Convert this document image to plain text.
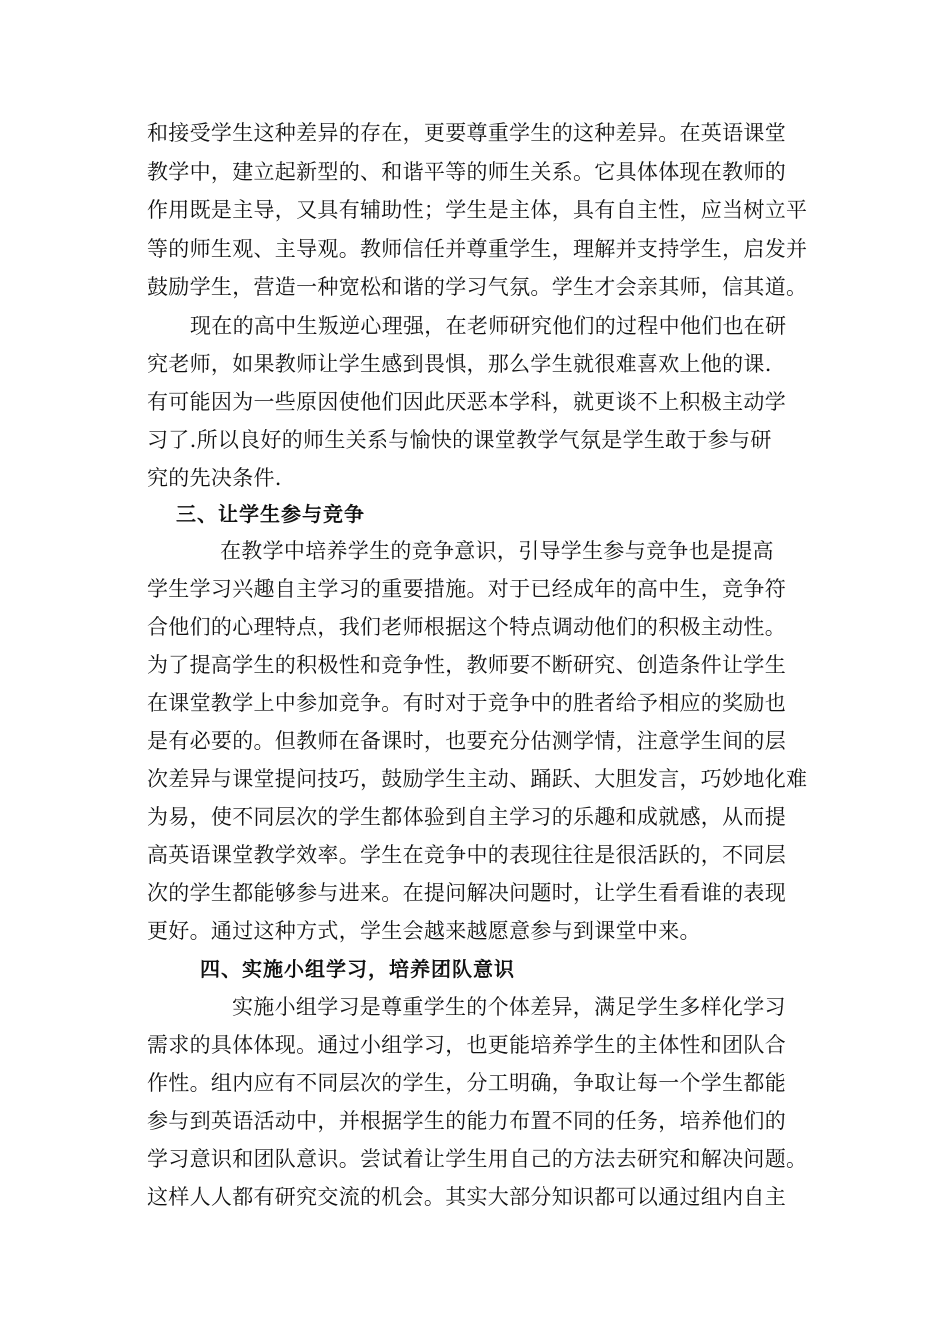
和接受学生这种差异的存在，更要尊重学生的这种差异。在英语课堂
教学中，建立起新型的、和谐平等的师生关系。它具体体现在教师的
作用既是主导，又具有辅助性；学生是主体，具有自主性，应当树立平
等的师生观、主导观。教师信任并尊重学生，理解并支持学生，启发并
鼓励学生，营造一种宽松和谐的学习气氛。学生才会亲其师，信其道。
现在的高中生叛逆心理强，在老师研究他们的过程中他们也在研
究老师，如果教师让学生感到畏惧，那么学生就很难喜欢上他的课.
有可能因为一些原因使他们因此厌恶本学科，就更谈不上积极主动学
习了.所以良好的师生关系与愉快的课堂教学气氛是学生敢于参与研
究的先决条件.
三、让学生参与竞争
在教学中培养学生的竞争意识，引导学生参与竞争也是提高
学生学习兴趣自主学习的重要措施。对于已经成年的高中生，竞争符
合他们的心理特点，我们老师根据这个特点调动他们的积极主动性。
为了提高学生的积极性和竞争性，教师要不断研究、创造条件让学生
在课堂教学上中参加竞争。有时对于竞争中的胜者给予相应的奖励也
是有必要的。但教师在备课时，也要充分估测学情，注意学生间的层
次差异与课堂提问技巧，鼓励学生主动、踊跃、大胆发言，巧妙地化难
为易，使不同层次的学生都体验到自主学习的乐趣和成就感，从而提
高英语课堂教学效率。学生在竞争中的表现往往是很活跃的，不同层
次的学生都能够参与进来。在提问解决问题时，让学生看看谁的表现
更好。通过这种方式，学生会越来越愿意参与到课堂中来。
四、实施小组学习，培养团队意识
实施小组学习是尊重学生的个体差异，满足学生多样化学习
需求的具体体现。通过小组学习，也更能培养学生的主体性和团队合
作性。组内应有不同层次的学生，分工明确，争取让每一个学生都能
参与到英语活动中，并根据学生的能力布置不同的任务，培养他们的
学习意识和团队意识。尝试着让学生用自己的方法去研究和解决问题。
这样人人都有研究交流的机会。其实大部分知识都可以通过组内自主
